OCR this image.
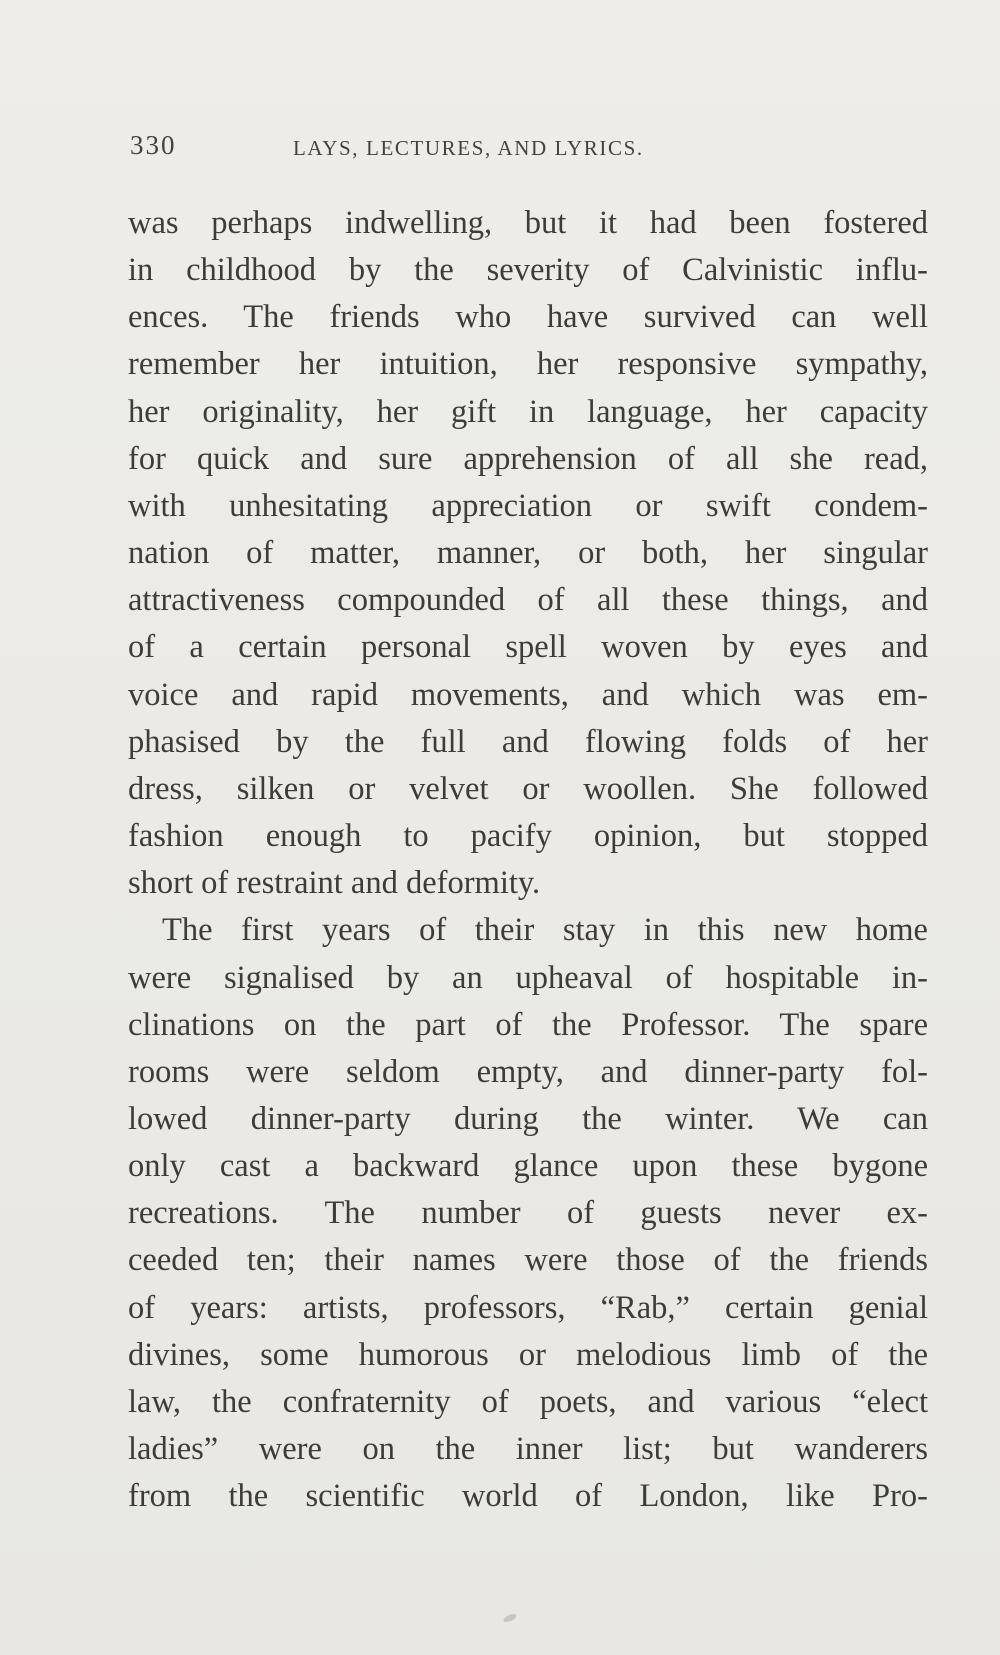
330	LAYS, LECTURES, AND LYRICS.
was perhaps indwelling, but it had been fostered
in childhood by the severity of Calvinistic influ-
ences. The friends who have survived can well
remember her intuition, her responsive sympathy,
her originality, her gift in language, her capacity
for quick and sure apprehension of all she read,
with unhesitating appreciation or swift condem-
nation of matter, manner, or both, her singular
attractiveness compounded of all these things, and
of a certain personal spell woven by eyes and
voice and rapid movements, and which was em-
phasised by the full and flowing folds of her
dress, silken or velvet or woollen. She followed
fashion enough to pacify opinion, but stopped
short of restraint and deformity.
The first years of their stay in this new home
were signalised by an upheaval of hospitable in-
clinations on the part of the Professor. The spare
rooms were seldom empty, and dinner-party fol-
lowed dinner-party during the winter. We can
only cast a backward glance upon these bygone
recreations. The number of guests never ex-
ceeded ten; their names were those of the friends
of years: artists, professors, “Rab,” certain genial
divines, some humorous or melodious limb of the
law, the confraternity of poets, and various “elect
ladies” were on the inner list; but wanderers
from the scientific world of London, like Pro-
